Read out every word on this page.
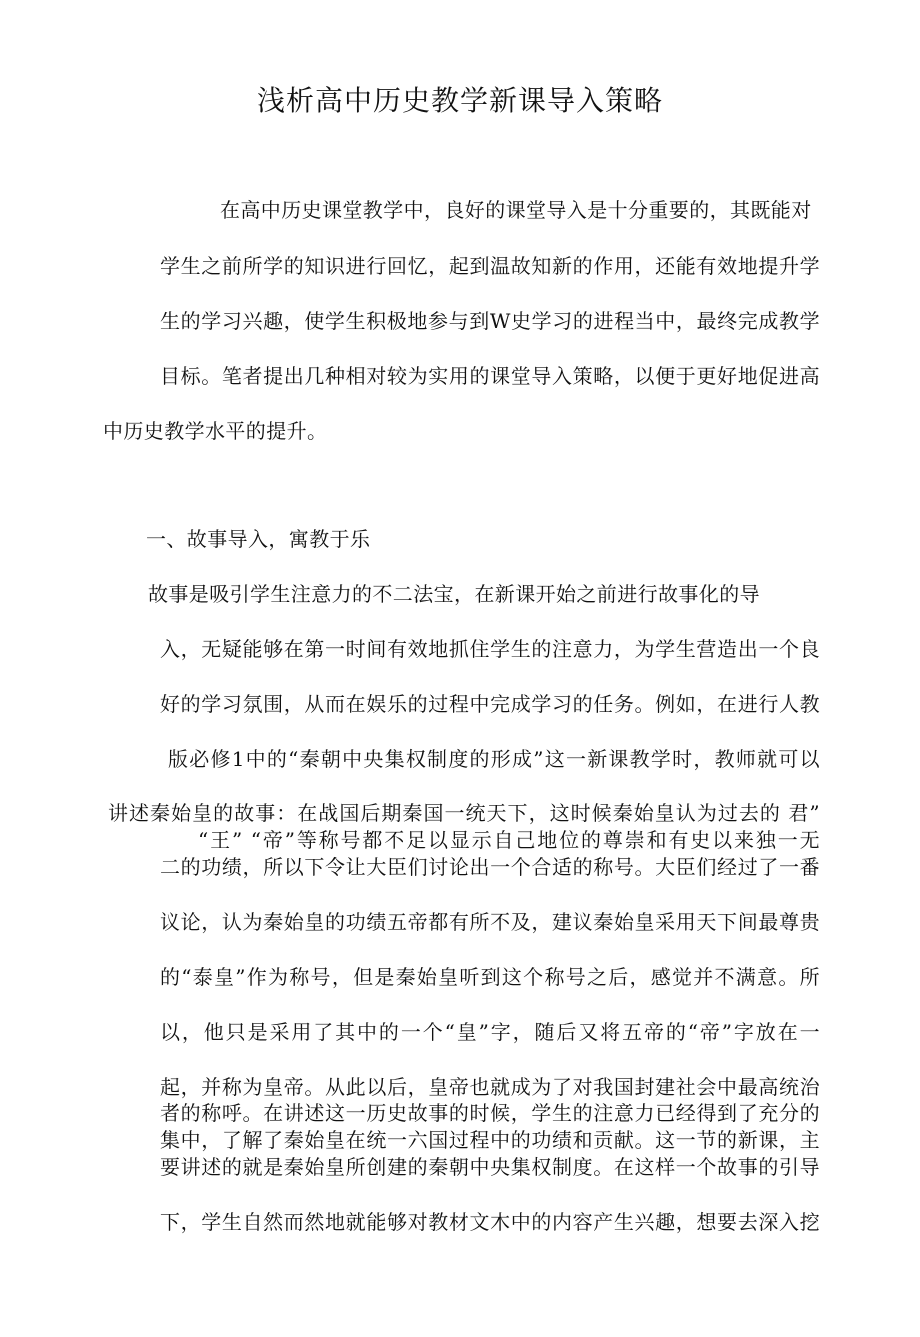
浅析高中历史教学新课导入策略
在高中历史课堂教学中，良好的课堂导入是十分重要的，其既能对
学生之前所学的知识进行回忆，起到温故知新的作用，还能有效地提升学
生的学习兴趣，使学生积极地参与到W史学习的进程当中，最终完成教学
目标。笔者提出几种相对较为实用的课堂导入策略，以便于更好地促进高
中历史教学水平的提升。
一、故事导入，寓教于乐
故事是吸引学生注意力的不二法宝，在新课开始之前进行故事化的导
入，无疑能够在第一时间有效地抓住学生的注意力，为学生营造出一个良
好的学习氛围，从而在娱乐的过程中完成学习的任务。例如，在进行人教
版必修1中的“秦朝中央集权制度的形成”这一新课教学时，教师就可以
讲述秦始皇的故事：在战国后期秦国一统天下，这时候秦始皇认为过去的 君”
“王” “帝”等称号都不足以显示自己地位的尊崇和有史以来独一无
二的功绩，所以下令让大臣们讨论出一个合适的称号。大臣们经过了一番
议论，认为秦始皇的功绩五帝都有所不及，建议秦始皇采用天下间最尊贵
的“泰皇”作为称号，但是秦始皇听到这个称号之后，感觉并不满意。所
以，他只是采用了其中的一个“皇”字，随后又将五帝的“帝”字放在一
起，并称为皇帝。从此以后，皇帝也就成为了对我国封建社会中最高统治
者的称呼。在讲述这一历史故事的时候，学生的注意力已经得到了充分的
集中，了解了秦始皇在统一六国过程中的功绩和贡献。这一节的新课，主
要讲述的就是秦始皇所创建的秦朝中央集权制度。在这样一个故事的引导
下，学生自然而然地就能够对教材文木中的内容产生兴趣，想要去深入挖
